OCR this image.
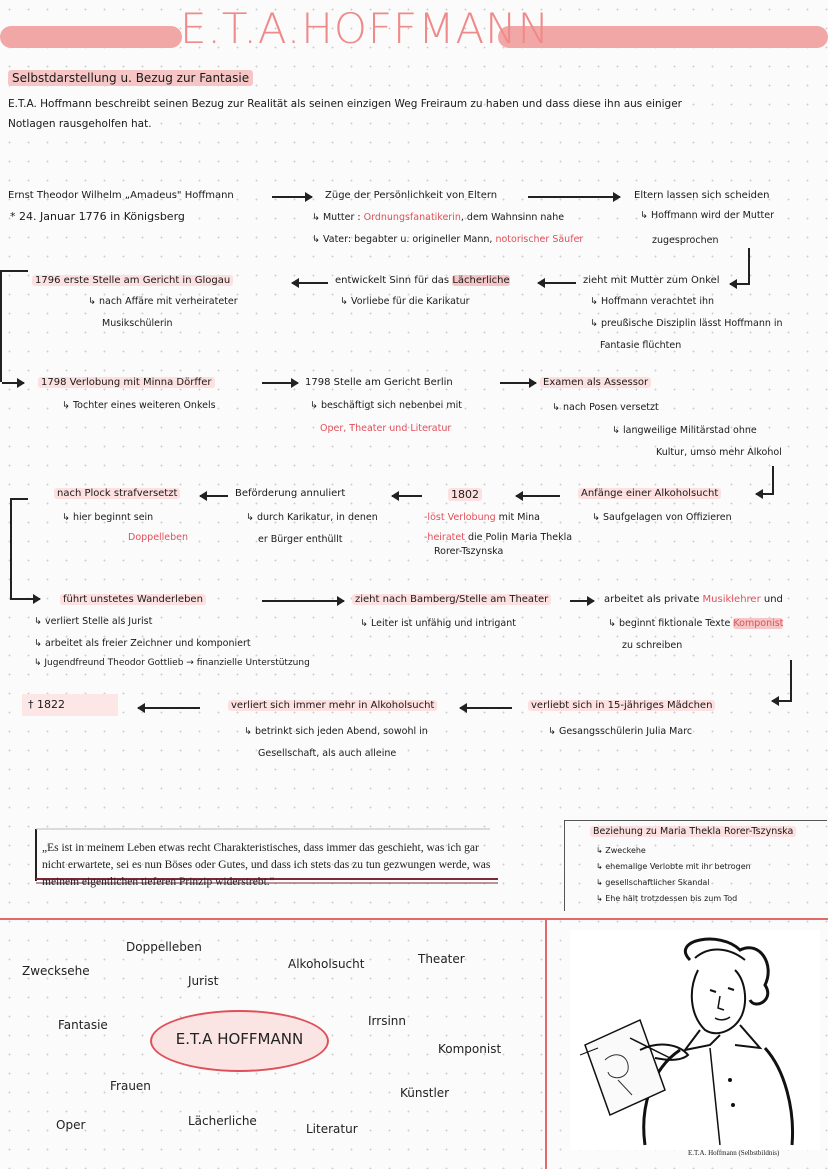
E.T.A.HOFFMANN
Selbstdarstellung u. Bezug zur Fantasie
E.T.A. Hoffmann beschreibt seinen Bezug zur Realität als seinen einzigen Weg Freiraum zu haben und dass diese ihn aus einiger
Notlagen rausgeholfen hat.
Ernst Theodor Wilhelm „Amadeus" Hoffmann
* 24. Januar 1776 in Königsberg
Züge der Persönlichkeit von Eltern
↳ Mutter : Ordnungsfanatikerin, dem Wahnsinn nahe
↳ Vater: begabter u. origineller Mann, notorischer Säufer
Eltern lassen sich scheiden
↳ Hoffmann wird der Mutter
zugesprochen
1796 erste Stelle am Gericht in Glogau
↳ nach Affäre mit verheirateter
Musikschülerin
entwickelt Sinn für das Lächerliche
↳ Vorliebe für die Karikatur
zieht mit Mutter zum Onkel
↳ Hoffmann verachtet ihn
↳ preußische Disziplin lässt Hoffmann in
Fantasie flüchten
1798 Verlobung mit Minna Dörffer
↳ Tochter eines weiteren Onkels
1798 Stelle am Gericht Berlin
↳ beschäftigt sich nebenbei mit
Oper, Theater und Literatur
Examen als Assessor
↳ nach Posen versetzt
↳ langweilige Militärstad ohne
Kultur, umso mehr Alkohol
nach Plock strafversetzt
↳ hier beginnt sein
Doppelleben
Beförderung annuliert
↳ durch Karikatur, in denen
er Bürger enthüllt
1802
-löst Verlobung mit Mina
-heiratet die Polin Maria Thekla
Rorer-Tszynska
Anfänge einer Alkoholsucht
↳ Saufgelagen von Offizieren
führt unstetes Wanderleben
↳ verliert Stelle als Jurist
↳ arbeitet als freier Zeichner und komponiert
↳ Jugendfreund Theodor Gottlieb → finanzielle Unterstützung
zieht nach Bamberg/Stelle am Theater
↳ Leiter ist unfähig und intrigant
arbeitet als private Musiklehrer und
↳ beginnt fiktionale Texte Komponist
zu schreiben
† 1822	verliert sich immer mehr in Alkoholsucht
↳ betrinkt sich jeden Abend, sowohl in
Gesellschaft, als auch alleine
verliebt sich in 15-jähriges Mädchen
↳ Gesangsschülerin Julia Marc
„Es ist in meinem Leben etwas recht Charakteristisches, dass immer das geschieht, was ich gar nicht erwartete, sei es nun Böses oder Gutes, und dass ich stets das zu tun gezwungen werde, was meinem eigentlichen tieferen Prinzip widerstrebt."
Beziehung zu Maria Thekla Rorer-Tszynska
↳ Zweckehe
↳ ehemalige Verlobte mit ihr betrogen
↳ gesellschaftlicher Skandal
↳ Ehe hält trotzdessen bis zum Tod
E.T.A HOFFMANN
Doppelleben
Zwecksehe
Jurist
Alkoholsucht	Theater
Fantasie	Irrsinn
Komponist
Frauen	Künstler
Oper	Lächerliche
Literatur
E.T.A. Hoffmann (Selbstbildnis)
